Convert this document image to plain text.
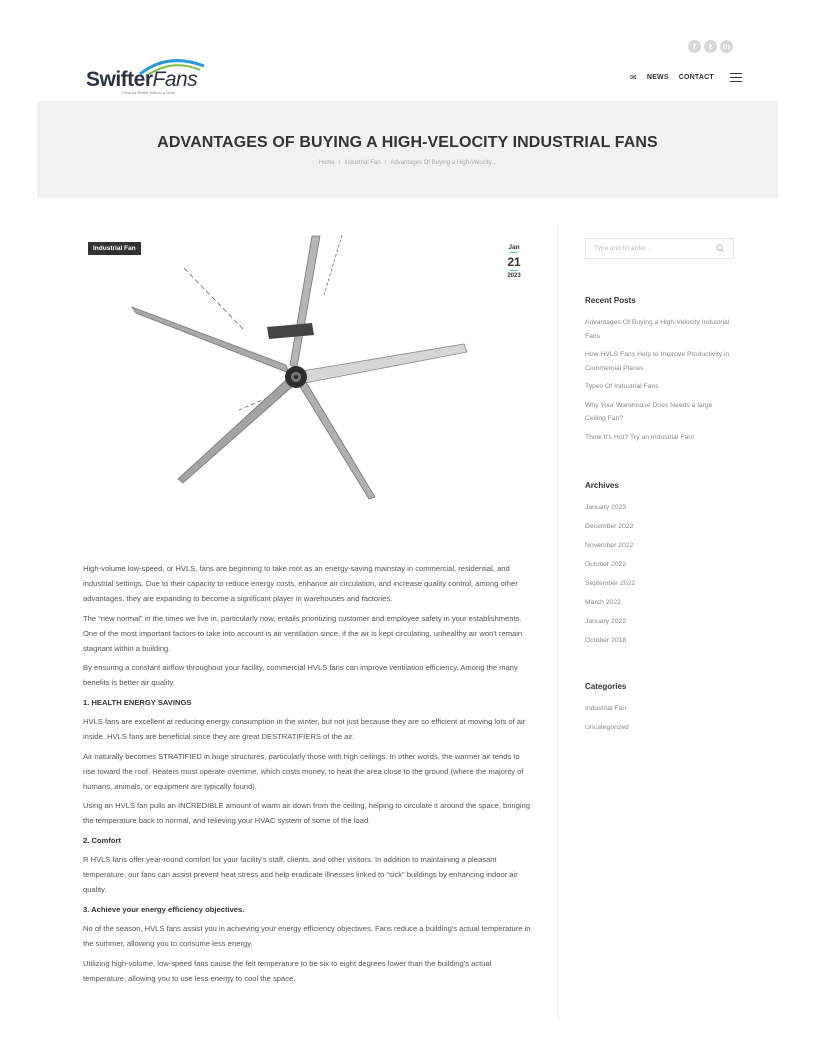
f	t	in
SwifterFans
Fans for Better Airflow & More
✉ NEWS CONTACT
ADVANTAGES OF BUYING A HIGH-VELOCITY INDUSTRIAL FANS
Home / Industrial Fan / Advantages Of Buying a High-Velocity...
Industrial Fan	Jan
21
2023

High-volume low-speed, or HVLS, fans are beginning to take root as an energy-saving mainstay in commercial, residential, and industrial settings. Due to their capacity to reduce energy costs, enhance air circulation, and increase quality control, among other advantages, they are expanding to become a significant player in warehouses and factories.

The “new normal” in the times we live in, particularly now, entails prioritizing customer and employee safety in your establishments. One of the most important factors to take into account is air ventilation since, if the air is kept circulating, unhealthy air won't remain stagnant within a building.

By ensuring a constant airflow throughout your facility, commercial HVLS fans can improve ventilation efficiency. Among the many benefits is better air quality.

1. HEALTH ENERGY SAVINGS

HVLS fans are excellent at reducing energy consumption in the winter, but not just because they are so efficient at moving lots of air inside. HVLS fans are beneficial since they are great DESTRATIFIERS of the air.

Air naturally becomes STRATIFIED in huge structures, particularly those with high ceilings. In other words, the warmer air tends to rise toward the roof. Heaters must operate overtime, which costs money, to heat the area close to the ground (where the majority of humans, animals, or equipment are typically found).

Using an HVLS fan pulls an INCREDIBLE amount of warm air down from the ceiling, helping to circulate it around the space, bringing the temperature back to normal, and relieving your HVAC system of some of the load.

2. Comfort

R HVLS fans offer year-round comfort for your facility's staff, clients, and other visitors. In addition to maintaining a pleasant temperature, our fans can assist prevent heat stress and help eradicate illnesses linked to “sick” buildings by enhancing indoor air quality.

3. Achieve your energy efficiency objectives.

No of the season, HVLS fans assist you in achieving your energy efficiency objectives. Fans reduce a building's actual temperature in the summer, allowing you to consume less energy.

Utilizing high-volume, low-speed fans cause the felt temperature to be six to eight degrees lower than the building's actual temperature, allowing you to use less energy to cool the space.

Type and hit enter ...
Recent Posts
Advantages Of Buying a High-Velocity Industrial Fans
How HVLS Fans Help to Improve Productivity in Commercial Places
Types Of Industrial Fans
Why Your Warehouse Does Needs a large Ceiling Fan?
Think It's Hot? Try an Industrial Fan!
Archives
January 2023
December 2022
November 2022
October 2022
September 2022
March 2022
January 2022
October 2018
Categories
Industrial Fan
Uncategorized
